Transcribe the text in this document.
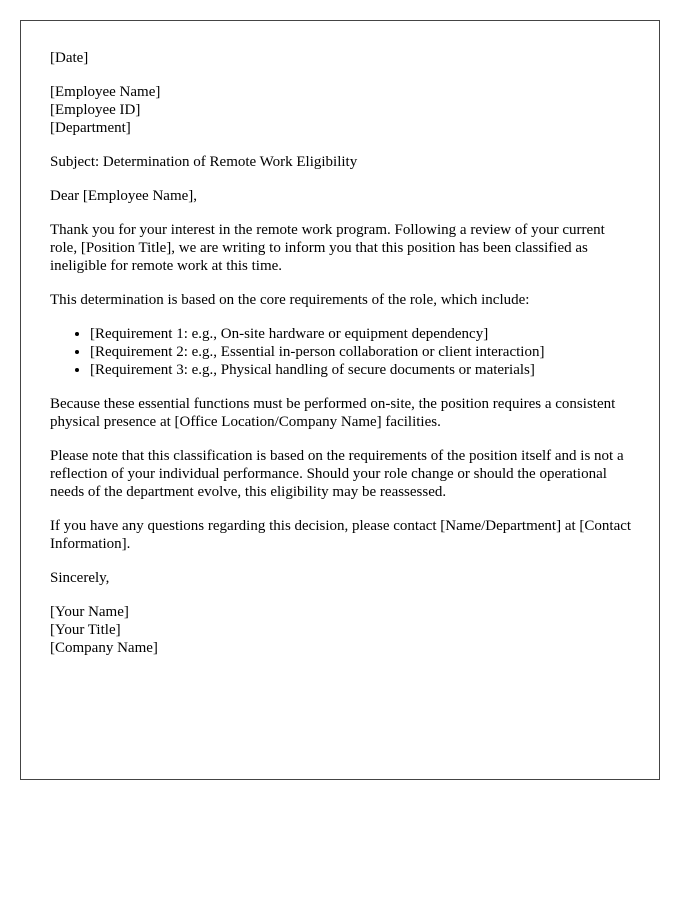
[Date]
[Employee Name]
[Employee ID]
[Department]

Subject: Determination of Remote Work Eligibility

Dear [Employee Name],

Thank you for your interest in the remote work program. Following a review of your current role, [Position Title], we are writing to inform you that this position has been classified as ineligible for remote work at this time.

This determination is based on the core requirements of the role, which include:

• [Requirement 1: e.g., On-site hardware or equipment dependency]
• [Requirement 2: e.g., Essential in-person collaboration or client interaction]
• [Requirement 3: e.g., Physical handling of secure documents or materials]

Because these essential functions must be performed on-site, the position requires a consistent physical presence at [Office Location/Company Name] facilities.

Please note that this classification is based on the requirements of the position itself and is not a reflection of your individual performance. Should your role change or should the operational needs of the department evolve, this eligibility may be reassessed.

If you have any questions regarding this decision, please contact [Name/Department] at [Contact Information].

Sincerely,

[Your Name]
[Your Title]
[Company Name]
